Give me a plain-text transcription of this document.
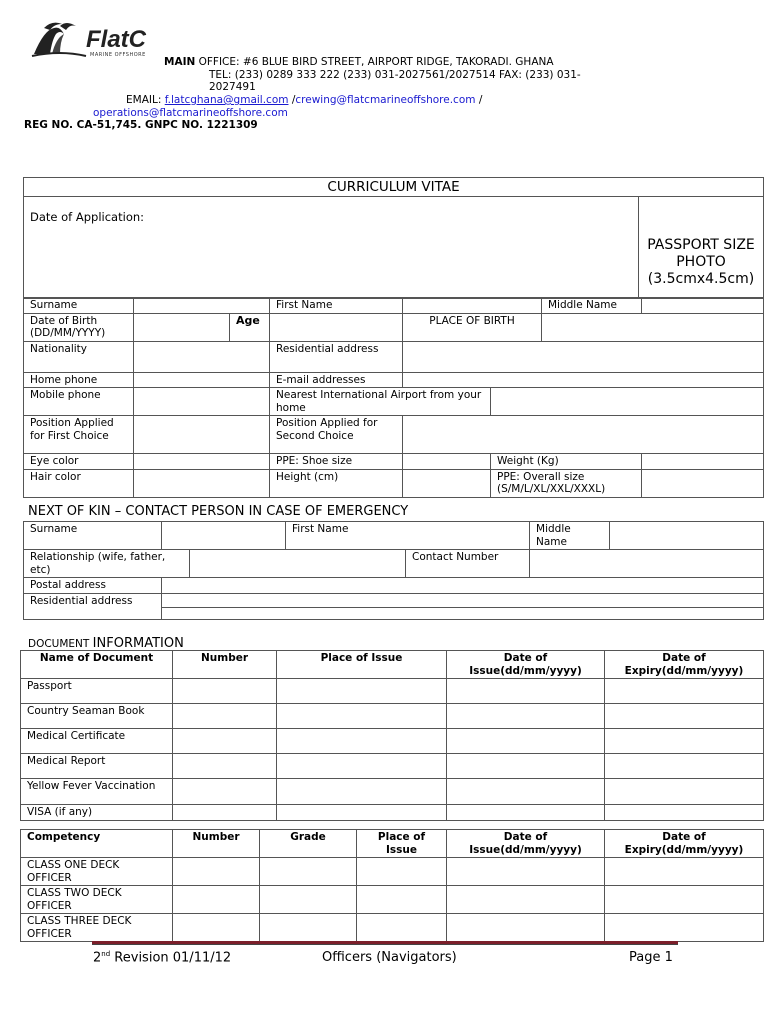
FlatC
MARINE OFFSHORE
MAIN OFFICE: #6 BLUE BIRD STREET, AIRPORT RIDGE, TAKORADI. GHANA
TEL: (233) 0289 333 222 (233) 031-2027561/2027514 FAX: (233) 031-
2027491
EMAIL: f.latcghana@gmail.com /crewing@flatcmarineoffshore.com /
operations@flatcmarineoffshore.com
REG NO. CA-51,745. GNPC NO. 1221309
CURRICULUM VITAE
Date of Application:	PASSPORT SIZE PHOTO (3.5cmx4.5cm)
Surname			First Name			Middle Name	
Date of Birth (DD/MM/YYYY)		Age		PLACE OF BIRTH			
Nationality			Residential address				
Home phone			E-mail addresses				
Mobile phone			Nearest International Airport from your home				
Position Applied for First Choice			Position Applied for Second Choice				
Eye color			PPE: Shoe size		Weight (Kg)		
Hair color			Height (cm)		PPE: Overall size (S/M/L/XL/XXL/XXXL)		
NEXT OF KIN – CONTACT PERSON IN CASE OF EMERGENCY
Surname			First Name		Middle Name	
Relationship (wife, father, etc)				Contact Number		
Postal address						
Residential address						
DOCUMENT INFORMATION
Name of Document	Number	Place of Issue	Date of Issue(dd/mm/yyyy)	Date of Expiry(dd/mm/yyyy)
Passport				
Country Seaman Book				
Medical Certificate				
Medical Report				
Yellow Fever Vaccination				
VISA (if any)				
Competency	Number	Grade	Place of Issue	Date of Issue(dd/mm/yyyy)	Date of Expiry(dd/mm/yyyy)
CLASS ONE DECK OFFICER					
CLASS TWO DECK OFFICER					
CLASS THREE DECK OFFICER					
2nd Revision 01/11/12	Officers (Navigators)	Page 1
